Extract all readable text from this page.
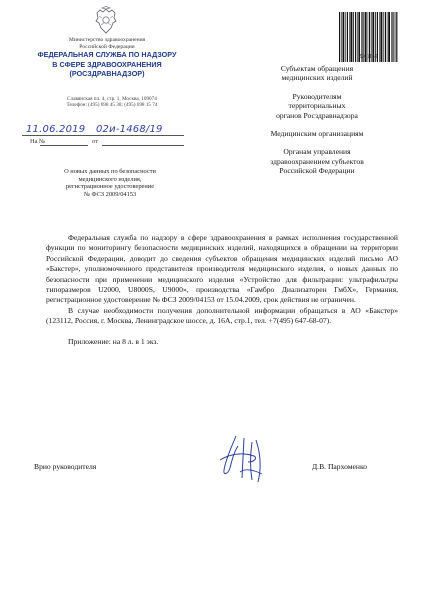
Министерство здравоохранения
Российской Федерации
ФЕДЕРАЛЬНАЯ СЛУЖБА ПО НАДЗОРУ
В СФЕРЕ ЗДРАВООХРАНЕНИЯ
(РОСЗДРАВНАДЗОР)
Славянская пл. 4, стр. 1, Москва, 109074
Телефон: (495) 698 45 38; (495) 698 15 74
11.06.2019 02и-1468/19
На №	от
О новых данных по безопасности
медицинского изделия,
регистрационное удостоверение
№ ФСЗ 2009/04153
2301162
Субъектам обращения
медицинских изделий
Руководителям
территориальных
органов Росздравнадзора
Медицинским организациям
Органам управления
здравоохранением субъектов
Российской Федерации

Федеральная служба по надзору в сфере здравоохранения в рамках исполнения государственной функции по мониторингу безопасности медицинских изделий, находящихся в обращении на территории Российской Федерации, доводит до сведения субъектов обращения медицинских изделий письмо АО «Бакстер», уполномоченного представителя производителя медицинского изделия, о новых данных по безопасности при применении медицинского изделия «Устройство для фильтрации: ультрафильтры типоразмеров U2000, U8000S, U9000», производства «Гамбро Диализаторен ГмбХ», Германия, регистрационное удостоверение № ФСЗ 2009/04153 от 15.04.2009, срок действия не ограничен.

В случае необходимости получения дополнительной информации обращаться в АО «Бакстер» (123112, Россия, г. Москва, Ленинградское шоссе, д. 16А, стр.1, тел. +7(495) 647-68-07).

Приложение: на 8 л. в 1 экз.

Врио руководителя	Д.В. Пархоменко
